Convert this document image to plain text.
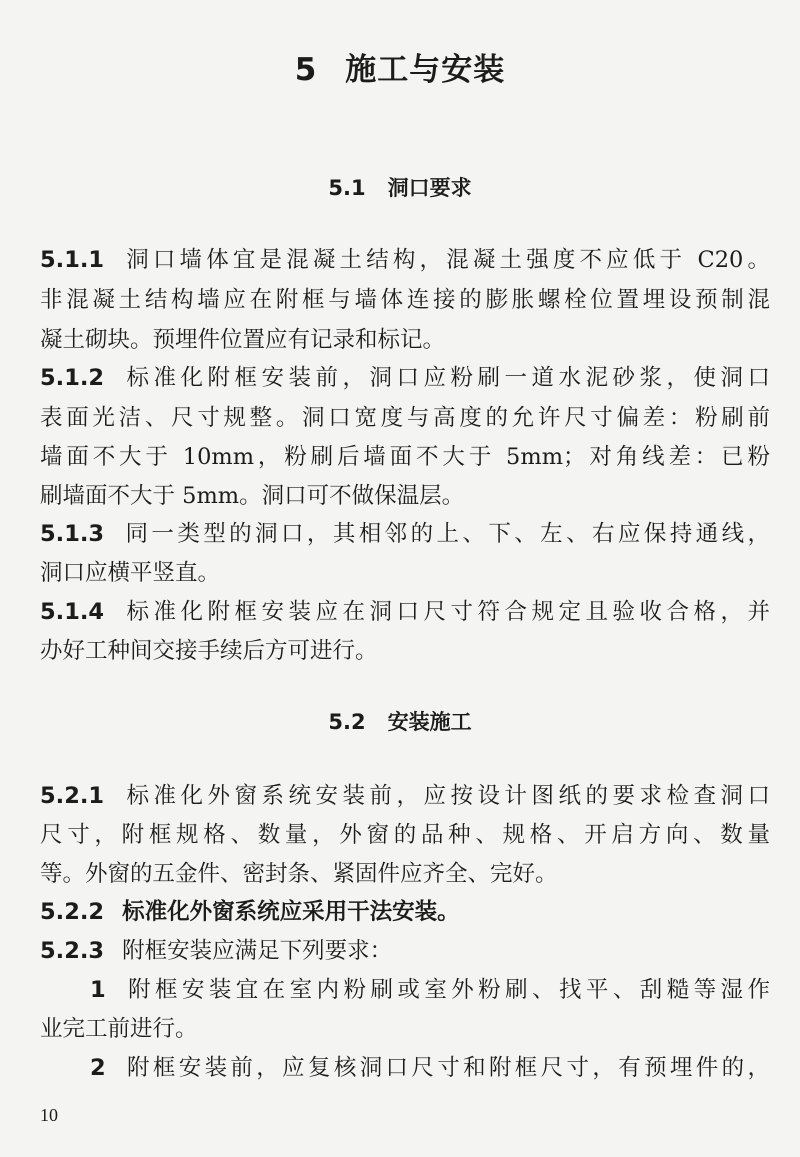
5 施工与安装
5.1 洞口要求
5.1.1 洞口墙体宜是混凝土结构，混凝土强度不应低于 C20。
非混凝土结构墙应在附框与墙体连接的膨胀螺栓位置埋设预制混
凝土砌块。预埋件位置应有记录和标记。
5.1.2 标准化附框安装前，洞口应粉刷一道水泥砂浆，使洞口
表面光洁、尺寸规整。洞口宽度与高度的允许尺寸偏差：粉刷前
墙面不大于 10mm，粉刷后墙面不大于 5mm；对角线差：已粉
刷墙面不大于 5mm。洞口可不做保温层。
5.1.3 同一类型的洞口，其相邻的上、下、左、右应保持通线，
洞口应横平竖直。
5.1.4 标准化附框安装应在洞口尺寸符合规定且验收合格，并
办好工种间交接手续后方可进行。
5.2 安装施工
5.2.1 标准化外窗系统安装前，应按设计图纸的要求检查洞口
尺寸，附框规格、数量，外窗的品种、规格、开启方向、数量
等。外窗的五金件、密封条、紧固件应齐全、完好。
5.2.2 标准化外窗系统应采用干法安装。
5.2.3 附框安装应满足下列要求：
1 附框安装宜在室内粉刷或室外粉刷、找平、刮糙等湿作
业完工前进行。
2 附框安装前，应复核洞口尺寸和附框尺寸，有预埋件的，
10
